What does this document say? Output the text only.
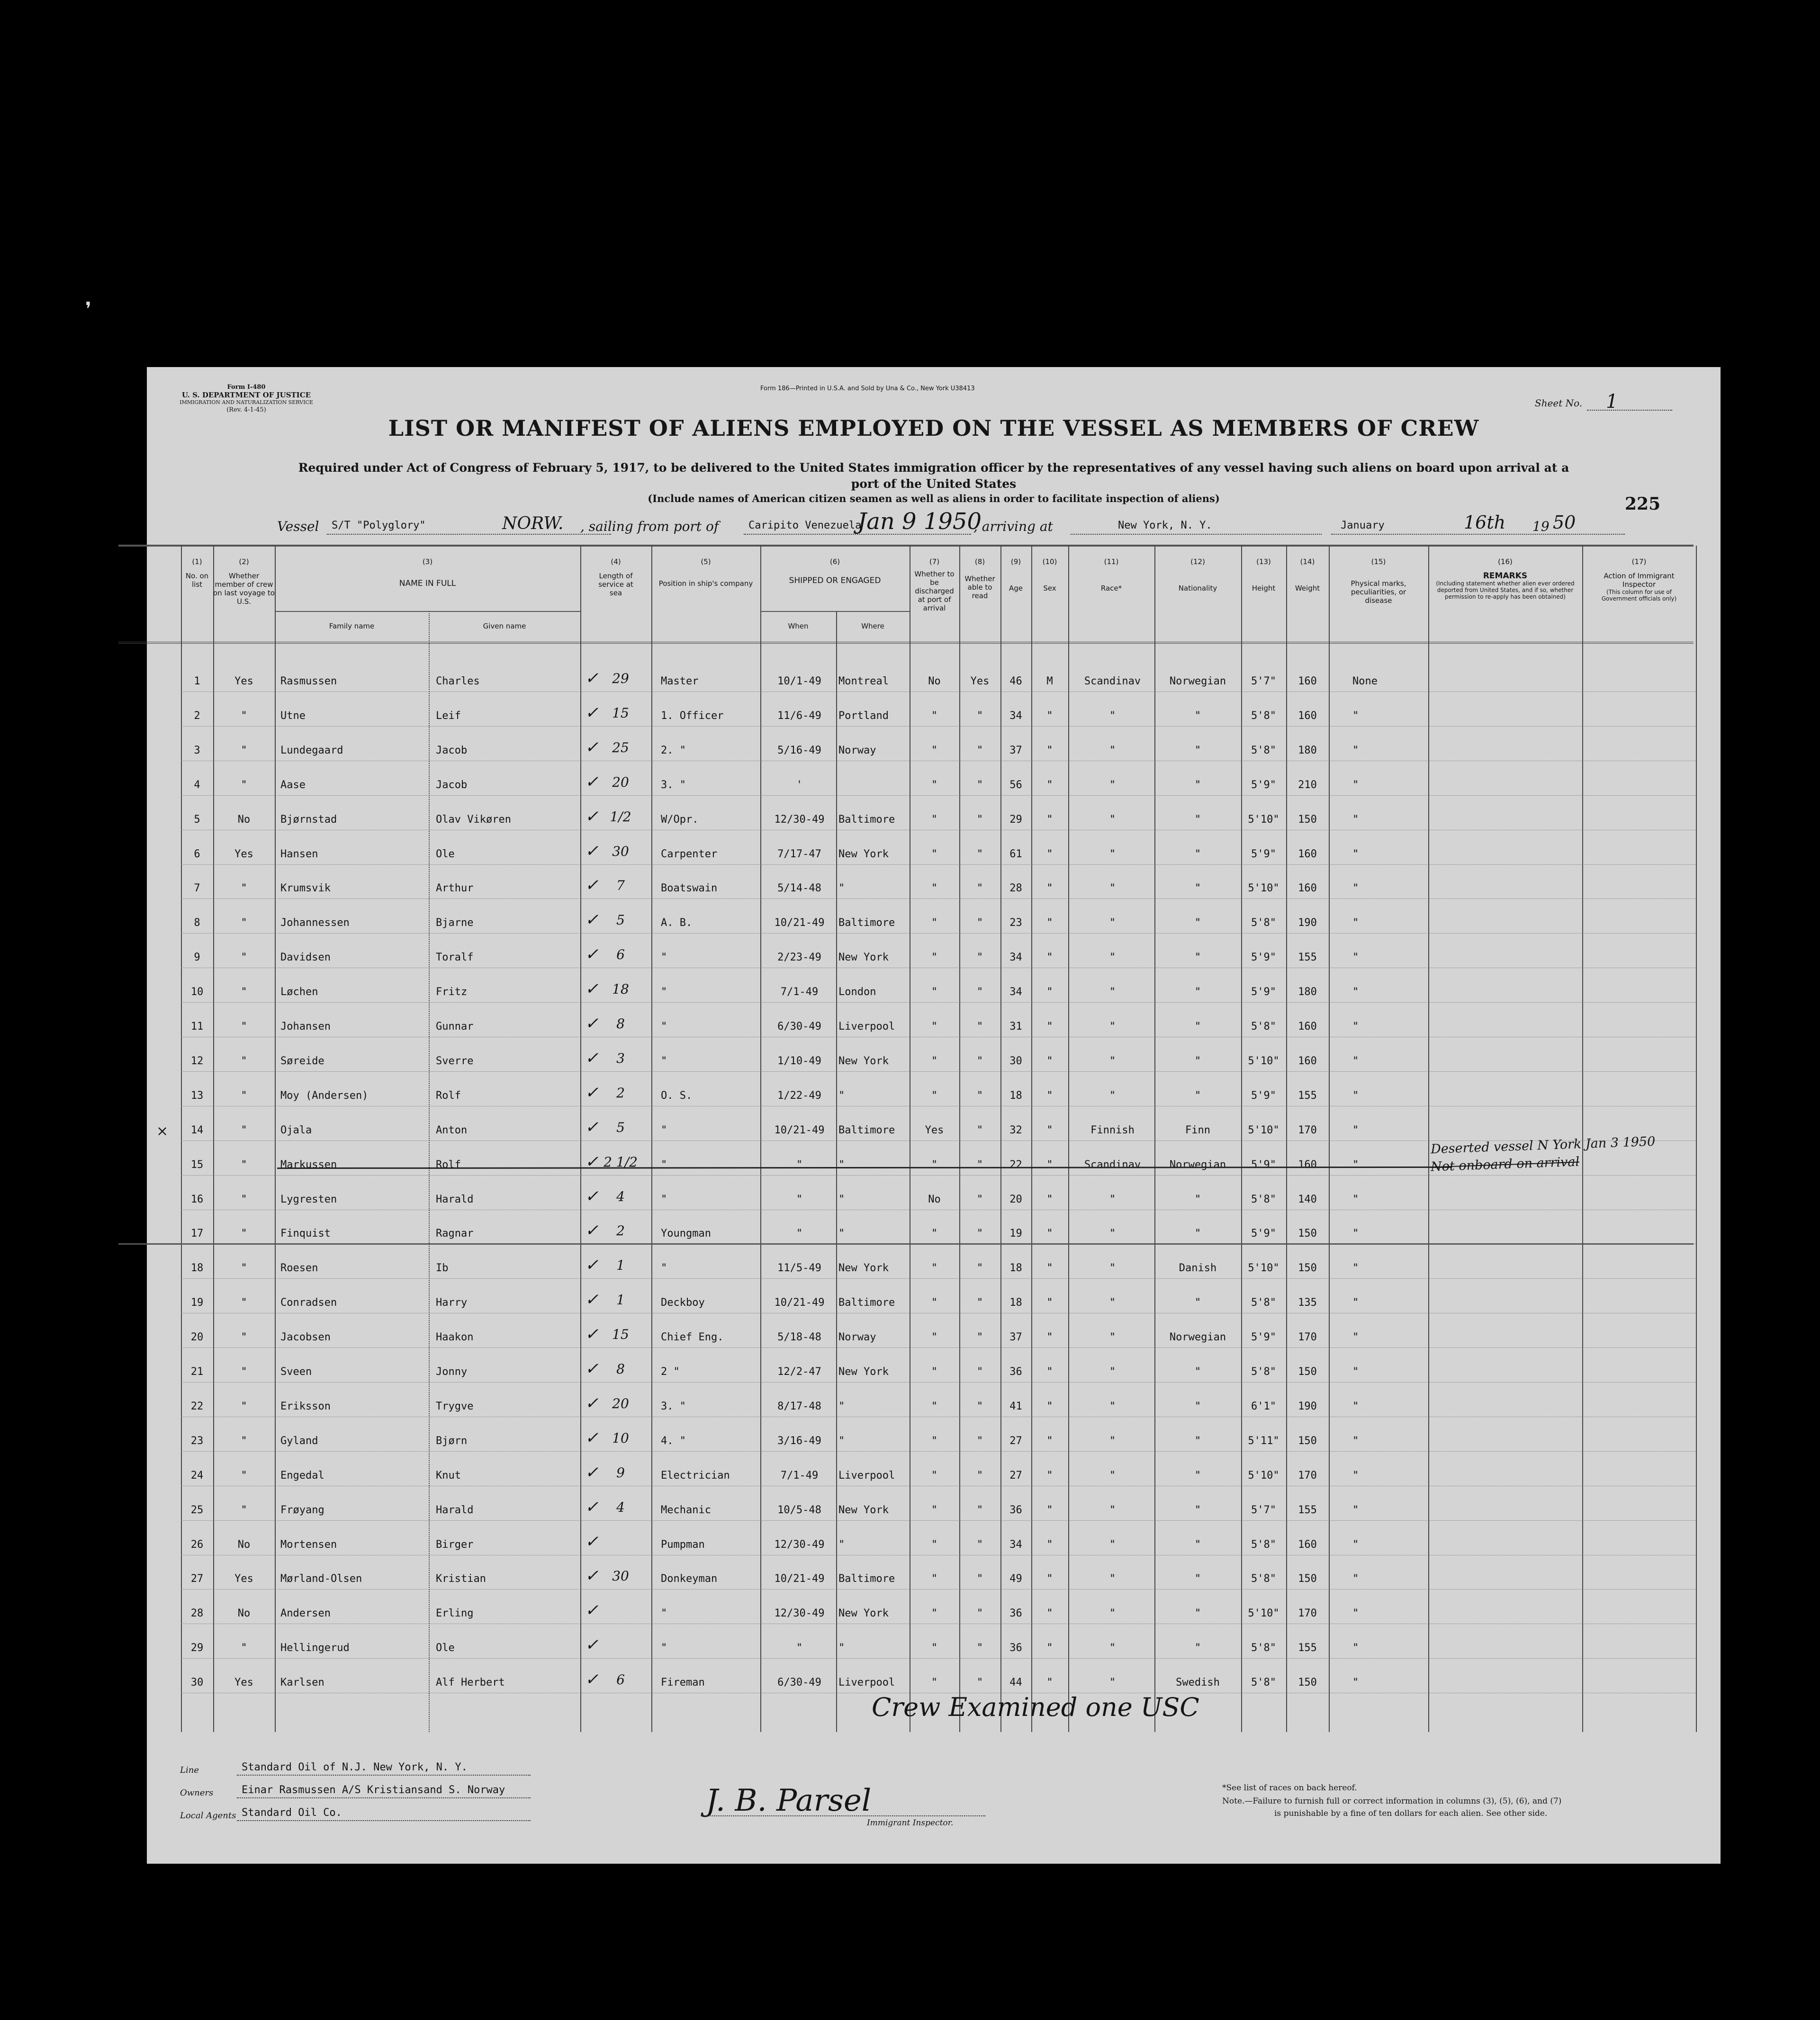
❜
Form I-480
U. S. DEPARTMENT OF JUSTICE
IMMIGRATION AND NATURALIZATION SERVICE
(Rev. 4-1-45)
Form 186—Printed in U.S.A. and Sold by Una & Co., New York U38413
Sheet No. 1
LIST OR MANIFEST OF ALIENS EMPLOYED ON THE VESSEL AS MEMBERS OF CREW
Required under Act of Congress of February 5, 1917, to be delivered to the United States immigration officer by the representatives of any vessel having such aliens on board upon arrival at a
port of the United States
(Include names of American citizen seamen as well as aliens in order to facilitate inspection of aliens)	225
Vessel S/T "Polyglory"	NORW. , sailing from port of	Caripito Venezuela
Jan 9 1950
, arriving at	New York, N. Y.	January	16th 19 50
(1)
No. on list
(2)
Whether member of crew on last voyage to U.S.
(3)
NAME IN FULL
Family name	Given name
(4)
Length of service at sea
(5)
Position in ship's company
(6)
SHIPPED OR ENGAGED
When	Where
(7)
Whether to be discharged at port of arrival
(8)
Whether able to read
(9)
Age
(10)
Sex
(11)
Race*
(12)
Nationality
(13)
Height
(14)
Weight
(15)
Physical marks, peculiarities, or disease
(16)
REMARKS
(Including statement whether alien ever ordered deported from United States, and if so, whether permission to re-apply has been obtained)
(17)
Action of Immigrant Inspector
(This column for use of Government officials only)
1	Yes	Rasmussen	Charles	29	Master	10/1-49	Montreal	No	Yes	46	M	Scandinav	Norwegian	5'7"	160	None
✓
2	"	Utne	Leif	15	1. Officer	11/6-49	Portland	"	"	34	"	"	"	5'8"	160	"
✓
3	"	Lundegaard	Jacob	25	2. "	5/16-49	Norway	"	"	37	"	"	"	5'8"	180	"
✓
4	"	Aase	Jacob	20	3. "	'	"	"	56	"	"	"	5'9"	210	"
✓
5	No	Bjørnstad	Olav Vikøren	1/2	W/Opr.	12/30-49	Baltimore	"	"	29	"	"	"	5'10"	150	"
✓
6	Yes	Hansen	Ole	30	Carpenter	7/17-47	New York	"	"	61	"	"	"	5'9"	160	"
✓
7	"	Krumsvik	Arthur	7	Boatswain	5/14-48	"	"	"	28	"	"	"	5'10"	160	"
✓
8	"	Johannessen	Bjarne	5	A. B.	10/21-49	Baltimore	"	"	23	"	"	"	5'8"	190	"
✓
9	"	Davidsen	Toralf	6	"	2/23-49	New York	"	"	34	"	"	"	5'9"	155	"
✓
10	"	Løchen	Fritz	18	"	7/1-49	London	"	"	34	"	"	"	5'9"	180	"
✓
11	"	Johansen	Gunnar	8	"	6/30-49	Liverpool	"	"	31	"	"	"	5'8"	160	"
✓
12	"	Søreide	Sverre	3	"	1/10-49	New York	"	"	30	"	"	"	5'10"	160	"
✓
13	"	Moy (Andersen)	Rolf	2	O. S.	1/22-49	"	"	"	18	"	"	"	5'9"	155	"
✓
14	"	Ojala	Anton	5	"	10/21-49	Baltimore	Yes	"	32	"	Finnish	Finn	5'10"	170	"
✓
15	"	Markussen	Rolf	2 1/2 "	"	"	"	"	22	"	Scandinav	Norwegian	5'9"	160	"
✓
16	"	Lygresten	Harald	4	"	"	"	No	"	20	"	"	"	5'8"	140	"
✓
17	"	Finquist	Ragnar	2	Youngman	"	"	"	"	19	"	"	"	5'9"	150	"
✓
18	"	Roesen	Ib	1	"	11/5-49	New York	"	"	18	"	"	Danish	5'10"	150	"
✓
19	"	Conradsen	Harry	1	Deckboy	10/21-49	Baltimore	"	"	18	"	"	"	5'8"	135	"
✓
20	"	Jacobsen	Haakon	15	Chief Eng.	5/18-48	Norway	"	"	37	"	"	Norwegian	5'9"	170	"
✓
21	"	Sveen	Jonny	8	2 "	12/2-47	New York	"	"	36	"	"	"	5'8"	150	"
✓
22	"	Eriksson	Trygve	20	3. "	8/17-48	"	"	"	41	"	"	"	6'1"	190	"
✓
23	"	Gyland	Bjørn	10	4. "	3/16-49	"	"	"	27	"	"	"	5'11"	150	"
✓
24	"	Engedal	Knut	9	Electrician	7/1-49	Liverpool	"	"	27	"	"	"	5'10"	170	"
✓
25	"	Frøyang	Harald	4	Mechanic	10/5-48	New York	"	"	36	"	"	"	5'7"	155	"
✓
26	No	Mortensen	Birger	Pumpman	12/30-49	"	"	"	34	"	"	"	5'8"	160	"
✓
27	Yes	Mørland-Olsen	Kristian	30	Donkeyman	10/21-49	Baltimore	"	"	49	"	"	"	5'8"	150	"
✓
28	No	Andersen	Erling	"	12/30-49	New York	"	"	36	"	"	"	5'10"	170	"
✓
29	"	Hellingerud	Ole	"	"	"	"	"	36	"	"	"	5'8"	155	"
✓
30	Yes	Karlsen	Alf Herbert	6	Fireman	6/30-49	Liverpool	"	"	44	"	"	Swedish	5'8"	150	"
✓
×
Deserted vessel N York Jan 3 1950
Not onboard on arrival
Crew Examined one USC
Line	Standard Oil of N.J. New York, N. Y.
Owners	Einar Rasmussen A/S Kristiansand S. Norway
Local Agents Standard Oil Co.	J. B. Parsel
Immigrant Inspector.
*See list of races on back hereof.
Note.—Failure to furnish full or correct information in columns (3), (5), (6), and (7)
is punishable by a fine of ten dollars for each alien. See other side.
